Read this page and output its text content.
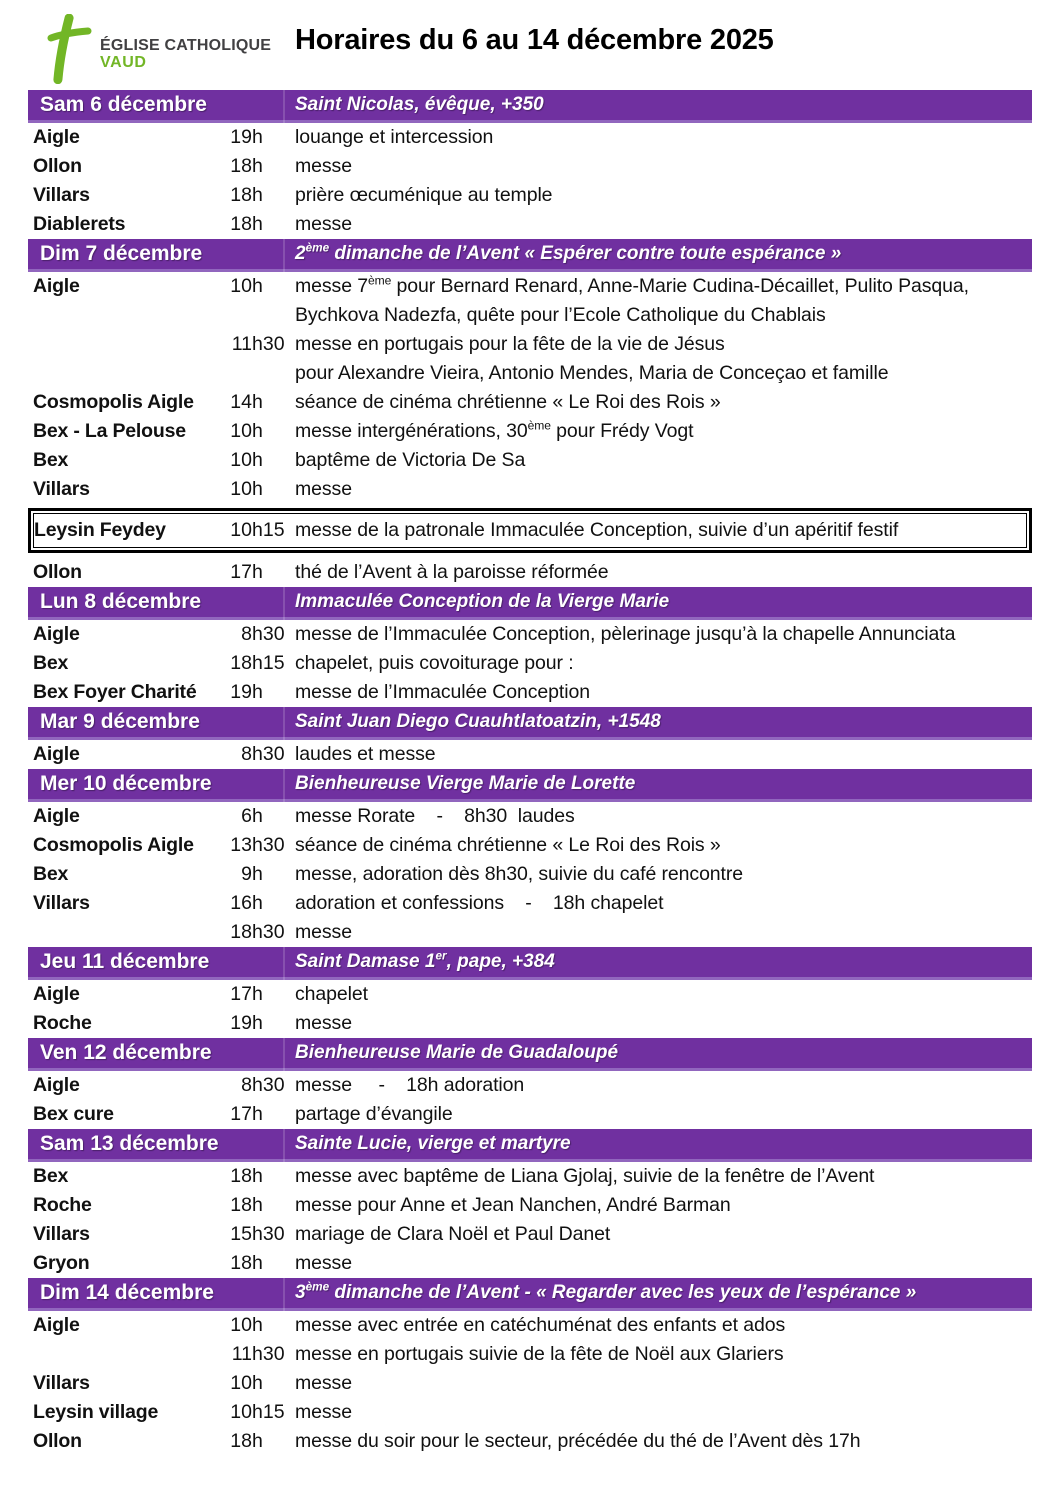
ÉGLISE CATHOLIQUE
VAUD
Horaires du 6 au 14 décembre 2025
Sam 6 décembre	Saint Nicolas, évêque, +350
Aigle	19 h louange et intercession
Ollon	18 h messe
Villars	18 h prière œcuménique au temple
Diablerets	18 h messe
Dim 7 décembre	2ème dimanche de l’Avent « Espérer contre toute espérance »
Aigle	10 h messe 7ème pour Bernard Renard, Anne-Marie Cudina-Décaillet, Pulito Pasqua,
Bychkova Nadezfa, quête pour l’Ecole Catholique du Chablais
11 h30 messe en portugais pour la fête de la vie de Jésus
pour Alexandre Vieira, Antonio Mendes, Maria de Conceçao et famille
Cosmopolis Aigle	14 h séance de cinéma chrétienne « Le Roi des Rois »
Bex - La Pelouse	10 h messe intergénérations, 30ème pour Frédy Vogt
Bex	10 h baptême de Victoria De Sa
Villars	10 h messe
Leysin Feydey	10 h15 messe de la patronale Immaculée Conception, suivie d’un apéritif festif
Ollon	17 h thé de l’Avent à la paroisse réformée
Lun 8 décembre	Immaculée Conception de la Vierge Marie
Aigle	8 h30 messe de l’Immaculée Conception, pèlerinage jusqu’à la chapelle Annunciata
Bex	18 h15 chapelet, puis covoiturage pour :
Bex Foyer Charité	19 h messe de l’Immaculée Conception
Mar 9 décembre	Saint Juan Diego Cuauhtlatoatzin, +1548
Aigle	8 h30 laudes et messe
Mer 10 décembre	Bienheureuse Vierge Marie de Lorette
Aigle	6 h messe Rorate    -    8h30  laudes
Cosmopolis Aigle	13 h30 séance de cinéma chrétienne « Le Roi des Rois »
Bex	9 h messe, adoration dès 8h30, suivie du café rencontre
Villars	16 h adoration et confessions    -    18h chapelet
18 h30 messe
Jeu 11 décembre	Saint Damase 1er, pape, +384
Aigle	17 h chapelet
Roche	19 h messe
Ven 12 décembre	Bienheureuse Marie de Guadaloupé
Aigle	8 h30 messe     -    18h adoration
Bex cure	17 h partage d’évangile
Sam 13 décembre	Sainte Lucie, vierge et martyre
Bex	18 h messe avec baptême de Liana Gjolaj, suivie de la fenêtre de l’Avent
Roche	18 h messe pour Anne et Jean Nanchen, André Barman
Villars	15 h30 mariage de Clara Noël et Paul Danet
Gryon	18 h messe
Dim 14 décembre	3ème dimanche de l’Avent - « Regarder avec les yeux de l’espérance »
Aigle	10 h messe avec entrée en catéchuménat des enfants et ados
11 h30 messe en portugais suivie de la fête de Noël aux Glariers
Villars	10 h messe
Leysin village	10 h15 messe
Ollon	18 h messe du soir pour le secteur, précédée du thé de l’Avent dès 17h
